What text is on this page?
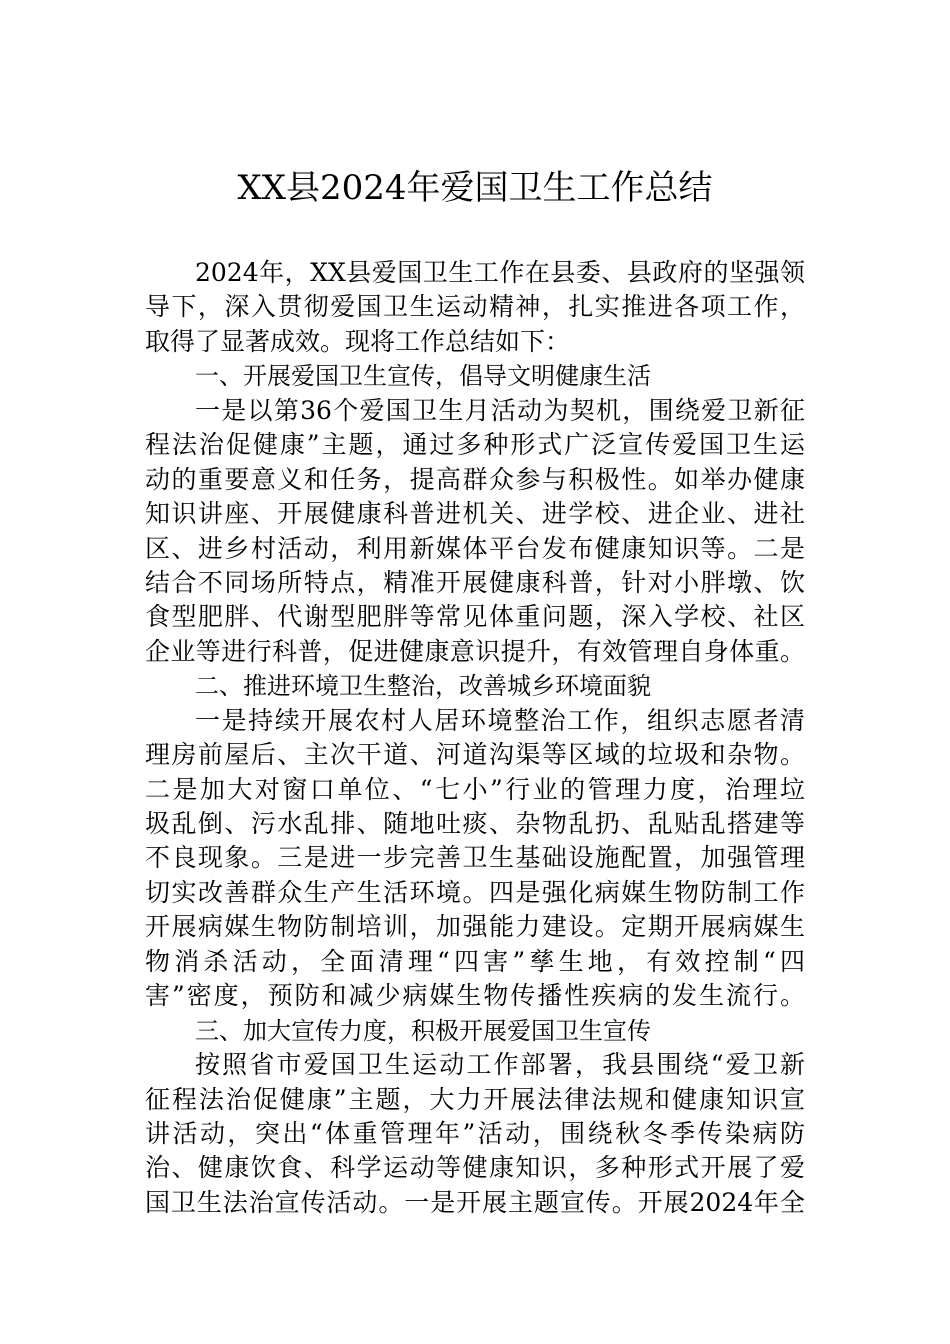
XX县2024年爱国卫生工作总结
2024年，XX县爱国卫生工作在县委、县政府的坚强领
导下，深入贯彻爱国卫生运动精神，扎实推进各项工作，
取得了显著成效。现将工作总结如下：
一、开展爱国卫生宣传，倡导文明健康生活
一是以第36个爱国卫生月活动为契机，围绕爱卫新征
程法治促健康”主题，通过多种形式广泛宣传爱国卫生运
动的重要意义和任务，提高群众参与积极性。如举办健康
知识讲座、开展健康科普进机关、进学校、进企业、进社
区、进乡村活动，利用新媒体平台发布健康知识等。二是
结合不同场所特点，精准开展健康科普，针对小胖墩、饮
食型肥胖、代谢型肥胖等常见体重问题，深入学校、社区
企业等进行科普，促进健康意识提升，有效管理自身体重。
二、推进环境卫生整治，改善城乡环境面貌
一是持续开展农村人居环境整治工作，组织志愿者清
理房前屋后、主次干道、河道沟渠等区域的垃圾和杂物。
二是加大对窗口单位、“七小”行业的管理力度，治理垃
圾乱倒、污水乱排、随地吐痰、杂物乱扔、乱贴乱搭建等
不良现象。三是进一步完善卫生基础设施配置，加强管理
切实改善群众生产生活环境。四是强化病媒生物防制工作
开展病媒生物防制培训，加强能力建设。定期开展病媒生
物消杀活动，全面清理“四害”孳生地，有效控制“四
害”密度，预防和减少病媒生物传播性疾病的发生流行。
三、加大宣传力度，积极开展爱国卫生宣传
按照省市爱国卫生运动工作部署，我县围绕“爱卫新
征程法治促健康”主题，大力开展法律法规和健康知识宣
讲活动，突出“体重管理年”活动，围绕秋冬季传染病防
治、健康饮食、科学运动等健康知识，多种形式开展了爱
国卫生法治宣传活动。一是开展主题宣传。开展2024年全
